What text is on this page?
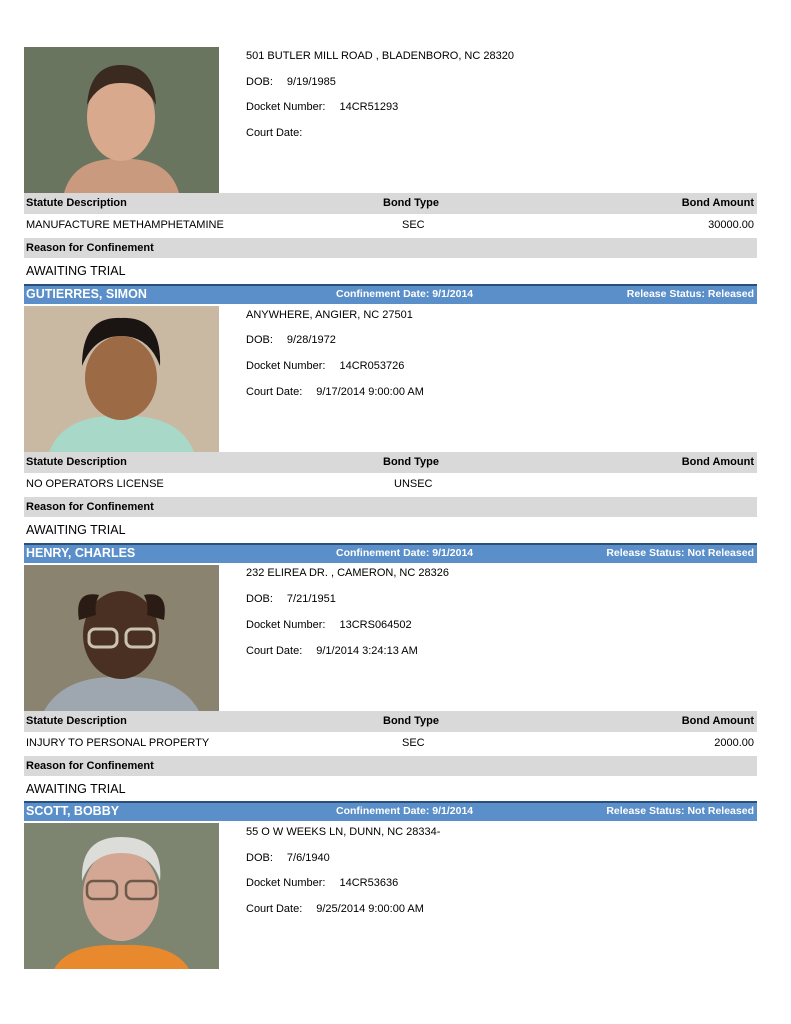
501 BUTLER MILL ROAD , BLADENBORO, NC 28320
DOB: 9/19/1985
Docket Number: 14CR51293
Court Date:
Statute Description	Bond Type	Bond Amount
MANUFACTURE METHAMPHETAMINE	SEC	30000.00
Reason for Confinement
AWAITING TRIAL
GUTIERRES, SIMON	Confinement Date: 9/1/2014	Release Status: Released
ANYWHERE, ANGIER, NC 27501
DOB: 9/28/1972
Docket Number: 14CR053726
Court Date: 9/17/2014 9:00:00 AM
Statute Description	Bond Type	Bond Amount
NO OPERATORS LICENSE	UNSEC
Reason for Confinement
AWAITING TRIAL
HENRY, CHARLES	Confinement Date: 9/1/2014	Release Status: Not Released
232 ELIREA DR. , CAMERON, NC 28326
DOB: 7/21/1951
Docket Number: 13CRS064502
Court Date: 9/1/2014 3:24:13 AM
Statute Description	Bond Type	Bond Amount
INJURY TO PERSONAL PROPERTY	SEC	2000.00
Reason for Confinement
AWAITING TRIAL
SCOTT, BOBBY	Confinement Date: 9/1/2014	Release Status: Not Released
55 O W WEEKS LN, DUNN, NC 28334-
DOB: 7/6/1940
Docket Number: 14CR53636
Court Date: 9/25/2014 9:00:00 AM
